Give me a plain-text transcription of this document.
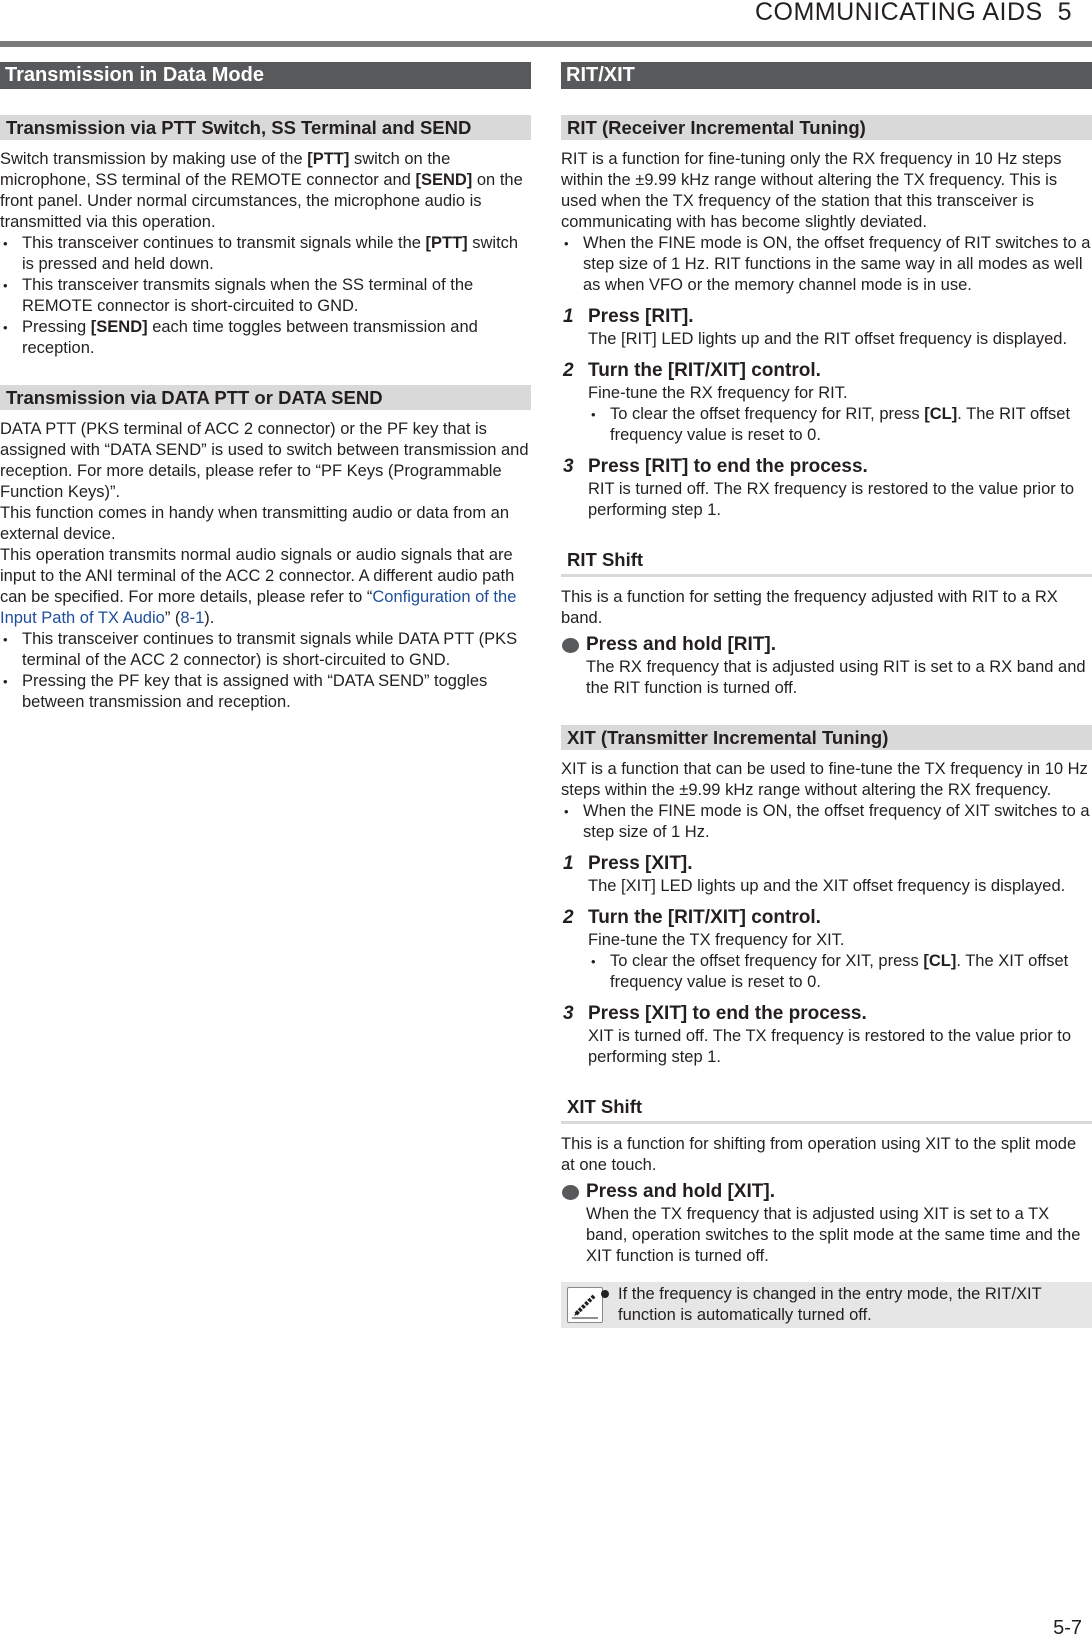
COMMUNICATING AIDS 5
Transmission in Data Mode
Transmission via PTT Switch, SS Terminal and SEND

Switch transmission by making use of the [PTT] switch on the microphone, SS terminal of the REMOTE connector and [SEND] on the front panel. Under normal circumstances, the microphone audio is transmitted via this operation.

• This transceiver continues to transmit signals while the [PTT] switch is pressed and held down.
• This transceiver transmits signals when the SS terminal of the REMOTE connector is short-circuited to GND.
• Pressing [SEND] each time toggles between transmission and reception.
Transmission via DATA PTT or DATA SEND

DATA PTT (PKS terminal of ACC 2 connector) or the PF key that is assigned with “DATA SEND” is used to switch between transmission and reception. For more details, please refer to “PF Keys (Programmable Function Keys)”.

This function comes in handy when transmitting audio or data from an external device.

This operation transmits normal audio signals or audio signals that are input to the ANI terminal of the ACC 2 connector. A different audio path can be specified. For more details, please refer to “Configuration of the Input Path of TX Audio” (8-1).

• This transceiver continues to transmit signals while DATA PTT (PKS terminal of the ACC 2 connector) is short-circuited to GND.
• Pressing the PF key that is assigned with “DATA SEND” toggles between transmission and reception.
RIT/XIT
RIT (Receiver Incremental Tuning)

RIT is a function for fine-tuning only the RX frequency in 10 Hz steps within the ±9.99 kHz range without altering the TX frequency. This is used when the TX frequency of the station that this transceiver is communicating with has become slightly deviated.

• When the FINE mode is ON, the offset frequency of RIT switches to a step size of 1 Hz. RIT functions in the same way in all modes as well as when VFO or the memory channel mode is in use.
1 Press [RIT].

The [RIT] LED lights up and the RIT offset frequency is displayed.

2 Turn the [RIT/XIT] control.

Fine-tune the RX frequency for RIT.

• To clear the offset frequency for RIT, press [CL]. The RIT offset frequency value is reset to 0.
3 Press [RIT] to end the process.

RIT is turned off. The RX frequency is restored to the value prior to performing step 1.

RIT Shift

This is a function for setting the frequency adjusted with RIT to a RX band.

Press and hold [RIT].

The RX frequency that is adjusted using RIT is set to a RX band and the RIT function is turned off.

XIT (Transmitter Incremental Tuning)

XIT is a function that can be used to fine-tune the TX frequency in 10 Hz steps within the ±9.99 kHz range without altering the RX frequency.

• When the FINE mode is ON, the offset frequency of XIT switches to a step size of 1 Hz.
1 Press [XIT].

The [XIT] LED lights up and the XIT offset frequency is displayed.

2 Turn the [RIT/XIT] control.

Fine-tune the TX frequency for XIT.

• To clear the offset frequency for XIT, press [CL]. The XIT offset frequency value is reset to 0.
3 Press [XIT] to end the process.

XIT is turned off. The TX frequency is restored to the value prior to performing step 1.

XIT Shift

This is a function for shifting from operation using XIT to the split mode at one touch.

Press and hold [XIT].

When the TX frequency that is adjusted using XIT is set to a TX band, operation switches to the split mode at the same time and the XIT function is turned off.

If the frequency is changed in the entry mode, the RIT/XIT function is automatically turned off.
5-7
